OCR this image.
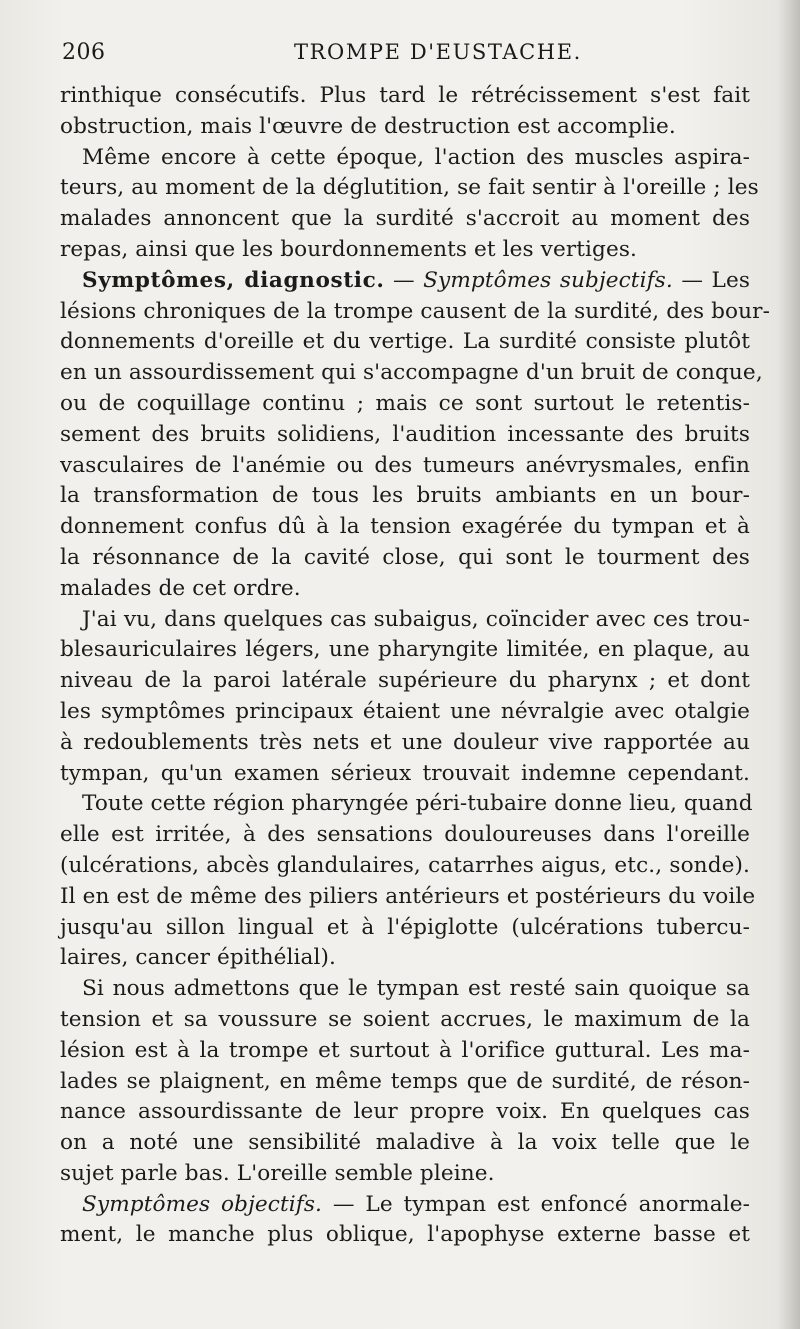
206	TROMPE D'EUSTACHE.
rinthique consécutifs. Plus tard le rétrécissement s'est fait
obstruction, mais l'œuvre de destruction est accomplie.
Même encore à cette époque, l'action des muscles aspira-
teurs, au moment de la déglutition, se fait sentir à l'oreille ; les
malades annoncent que la surdité s'accroit au moment des
repas, ainsi que les bourdonnements et les vertiges.
Symptômes, diagnostic. — Symptômes subjectifs. — Les
lésions chroniques de la trompe causent de la surdité, des bour-
donnements d'oreille et du vertige. La surdité consiste plutôt
en un assourdissement qui s'accompagne d'un bruit de conque,
ou de coquillage continu ; mais ce sont surtout le retentis-
sement des bruits solidiens, l'audition incessante des bruits
vasculaires de l'anémie ou des tumeurs anévrysmales, enfin
la transformation de tous les bruits ambiants en un bour-
donnement confus dû à la tension exagérée du tympan et à
la résonnance de la cavité close, qui sont le tourment des
malades de cet ordre.
J'ai vu, dans quelques cas subaigus, coïncider avec ces trou-
blesauriculaires légers, une pharyngite limitée, en plaque, au
niveau de la paroi latérale supérieure du pharynx ; et dont
les symptômes principaux étaient une névralgie avec otalgie
à redoublements très nets et une douleur vive rapportée au
tympan, qu'un examen sérieux trouvait indemne cependant.
Toute cette région pharyngée péri-tubaire donne lieu, quand
elle est irritée, à des sensations douloureuses dans l'oreille
(ulcérations, abcès glandulaires, catarrhes aigus, etc., sonde).
Il en est de même des piliers antérieurs et postérieurs du voile
jusqu'au sillon lingual et à l'épiglotte (ulcérations tubercu-
laires, cancer épithélial).
Si nous admettons que le tympan est resté sain quoique sa
tension et sa voussure se soient accrues, le maximum de la
lésion est à la trompe et surtout à l'orifice guttural. Les ma-
lades se plaignent, en même temps que de surdité, de réson-
nance assourdissante de leur propre voix. En quelques cas
on a noté une sensibilité maladive à la voix telle que le
sujet parle bas. L'oreille semble pleine.
Symptômes objectifs. — Le tympan est enfoncé anormale-
ment, le manche plus oblique, l'apophyse externe basse et
